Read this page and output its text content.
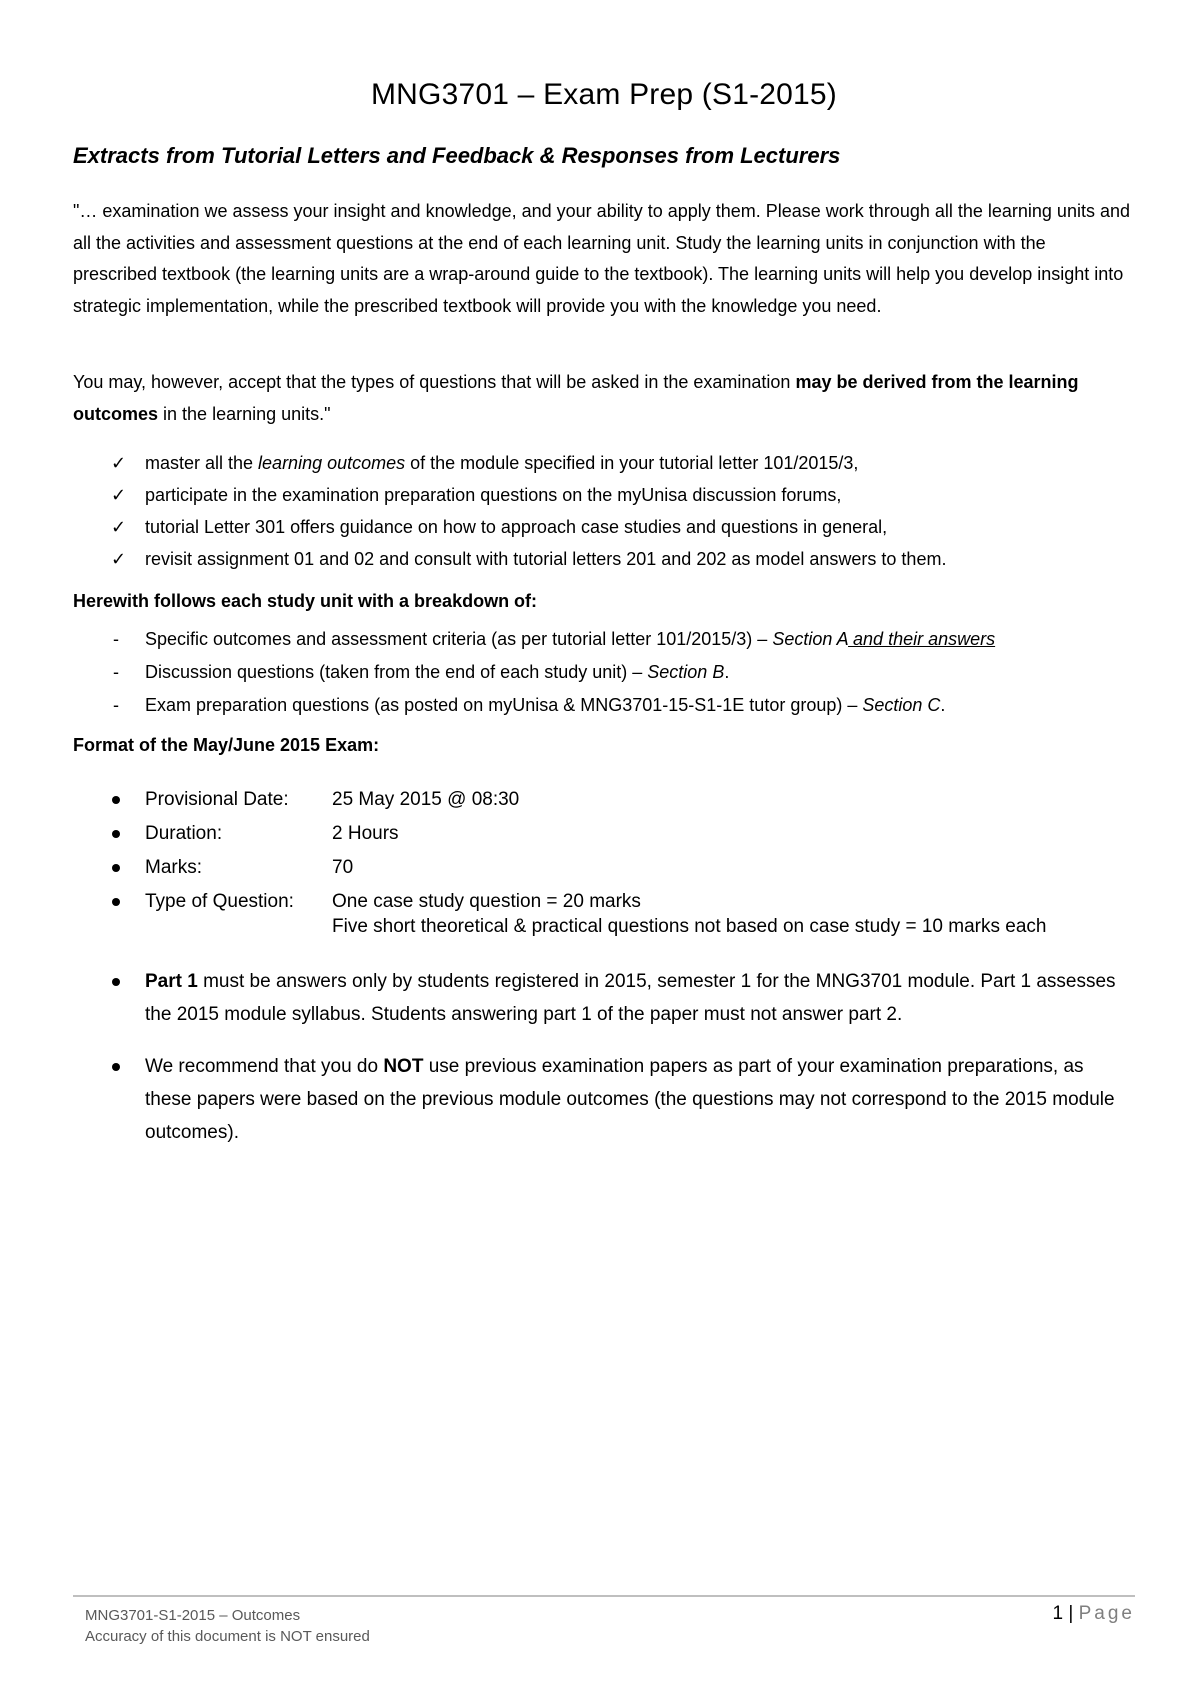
MNG3701 – Exam Prep (S1-2015)
Extracts from Tutorial Letters and Feedback & Responses from Lecturers

"… examination we assess your insight and knowledge, and your ability to apply them. Please work through all the learning units and all the activities and assessment questions at the end of each learning unit. Study the learning units in conjunction with the prescribed textbook (the learning units are a wrap-around guide to the textbook). The learning units will help you develop insight into strategic implementation, while the prescribed textbook will provide you with the knowledge you need.

You may, however, accept that the types of questions that will be asked in the examination may be derived from the learning outcomes in the learning units."

✓ master all the learning outcomes of the module specified in your tutorial letter 101/2015/3,
✓ participate in the examination preparation questions on the myUnisa discussion forums,
✓ tutorial Letter 301 offers guidance on how to approach case studies and questions in general,
✓ revisit assignment 01 and 02 and consult with tutorial letters 201 and 202 as model answers to them.

Herewith follows each study unit with a breakdown of:

- Specific outcomes and assessment criteria (as per tutorial letter 101/2015/3) – Section A and their answers
- Discussion questions (taken from the end of each study unit) – Section B.
- Exam preparation questions (as posted on myUnisa & MNG3701-15-S1-1E tutor group) – Section C.

Format of the May/June 2015 Exam:

Provisional Date: 25 May 2015 @ 08:30
Duration:	2 Hours
Marks:	70
Type of Question: One case study question = 20 marks

Five short theoretical & practical questions not based on case study = 10 marks each

Part 1 must be answers only by students registered in 2015, semester 1 for the MNG3701 module. Part 1 assesses the 2015 module syllabus. Students answering part 1 of the paper must not answer part 2.
We recommend that you do NOT use previous examination papers as part of your examination preparations, as these papers were based on the previous module outcomes (the questions may not correspond to the 2015 module outcomes).

MNG3701-S1-2015 – Outcomes
Accuracy of this document is NOT ensured

1 | Page
